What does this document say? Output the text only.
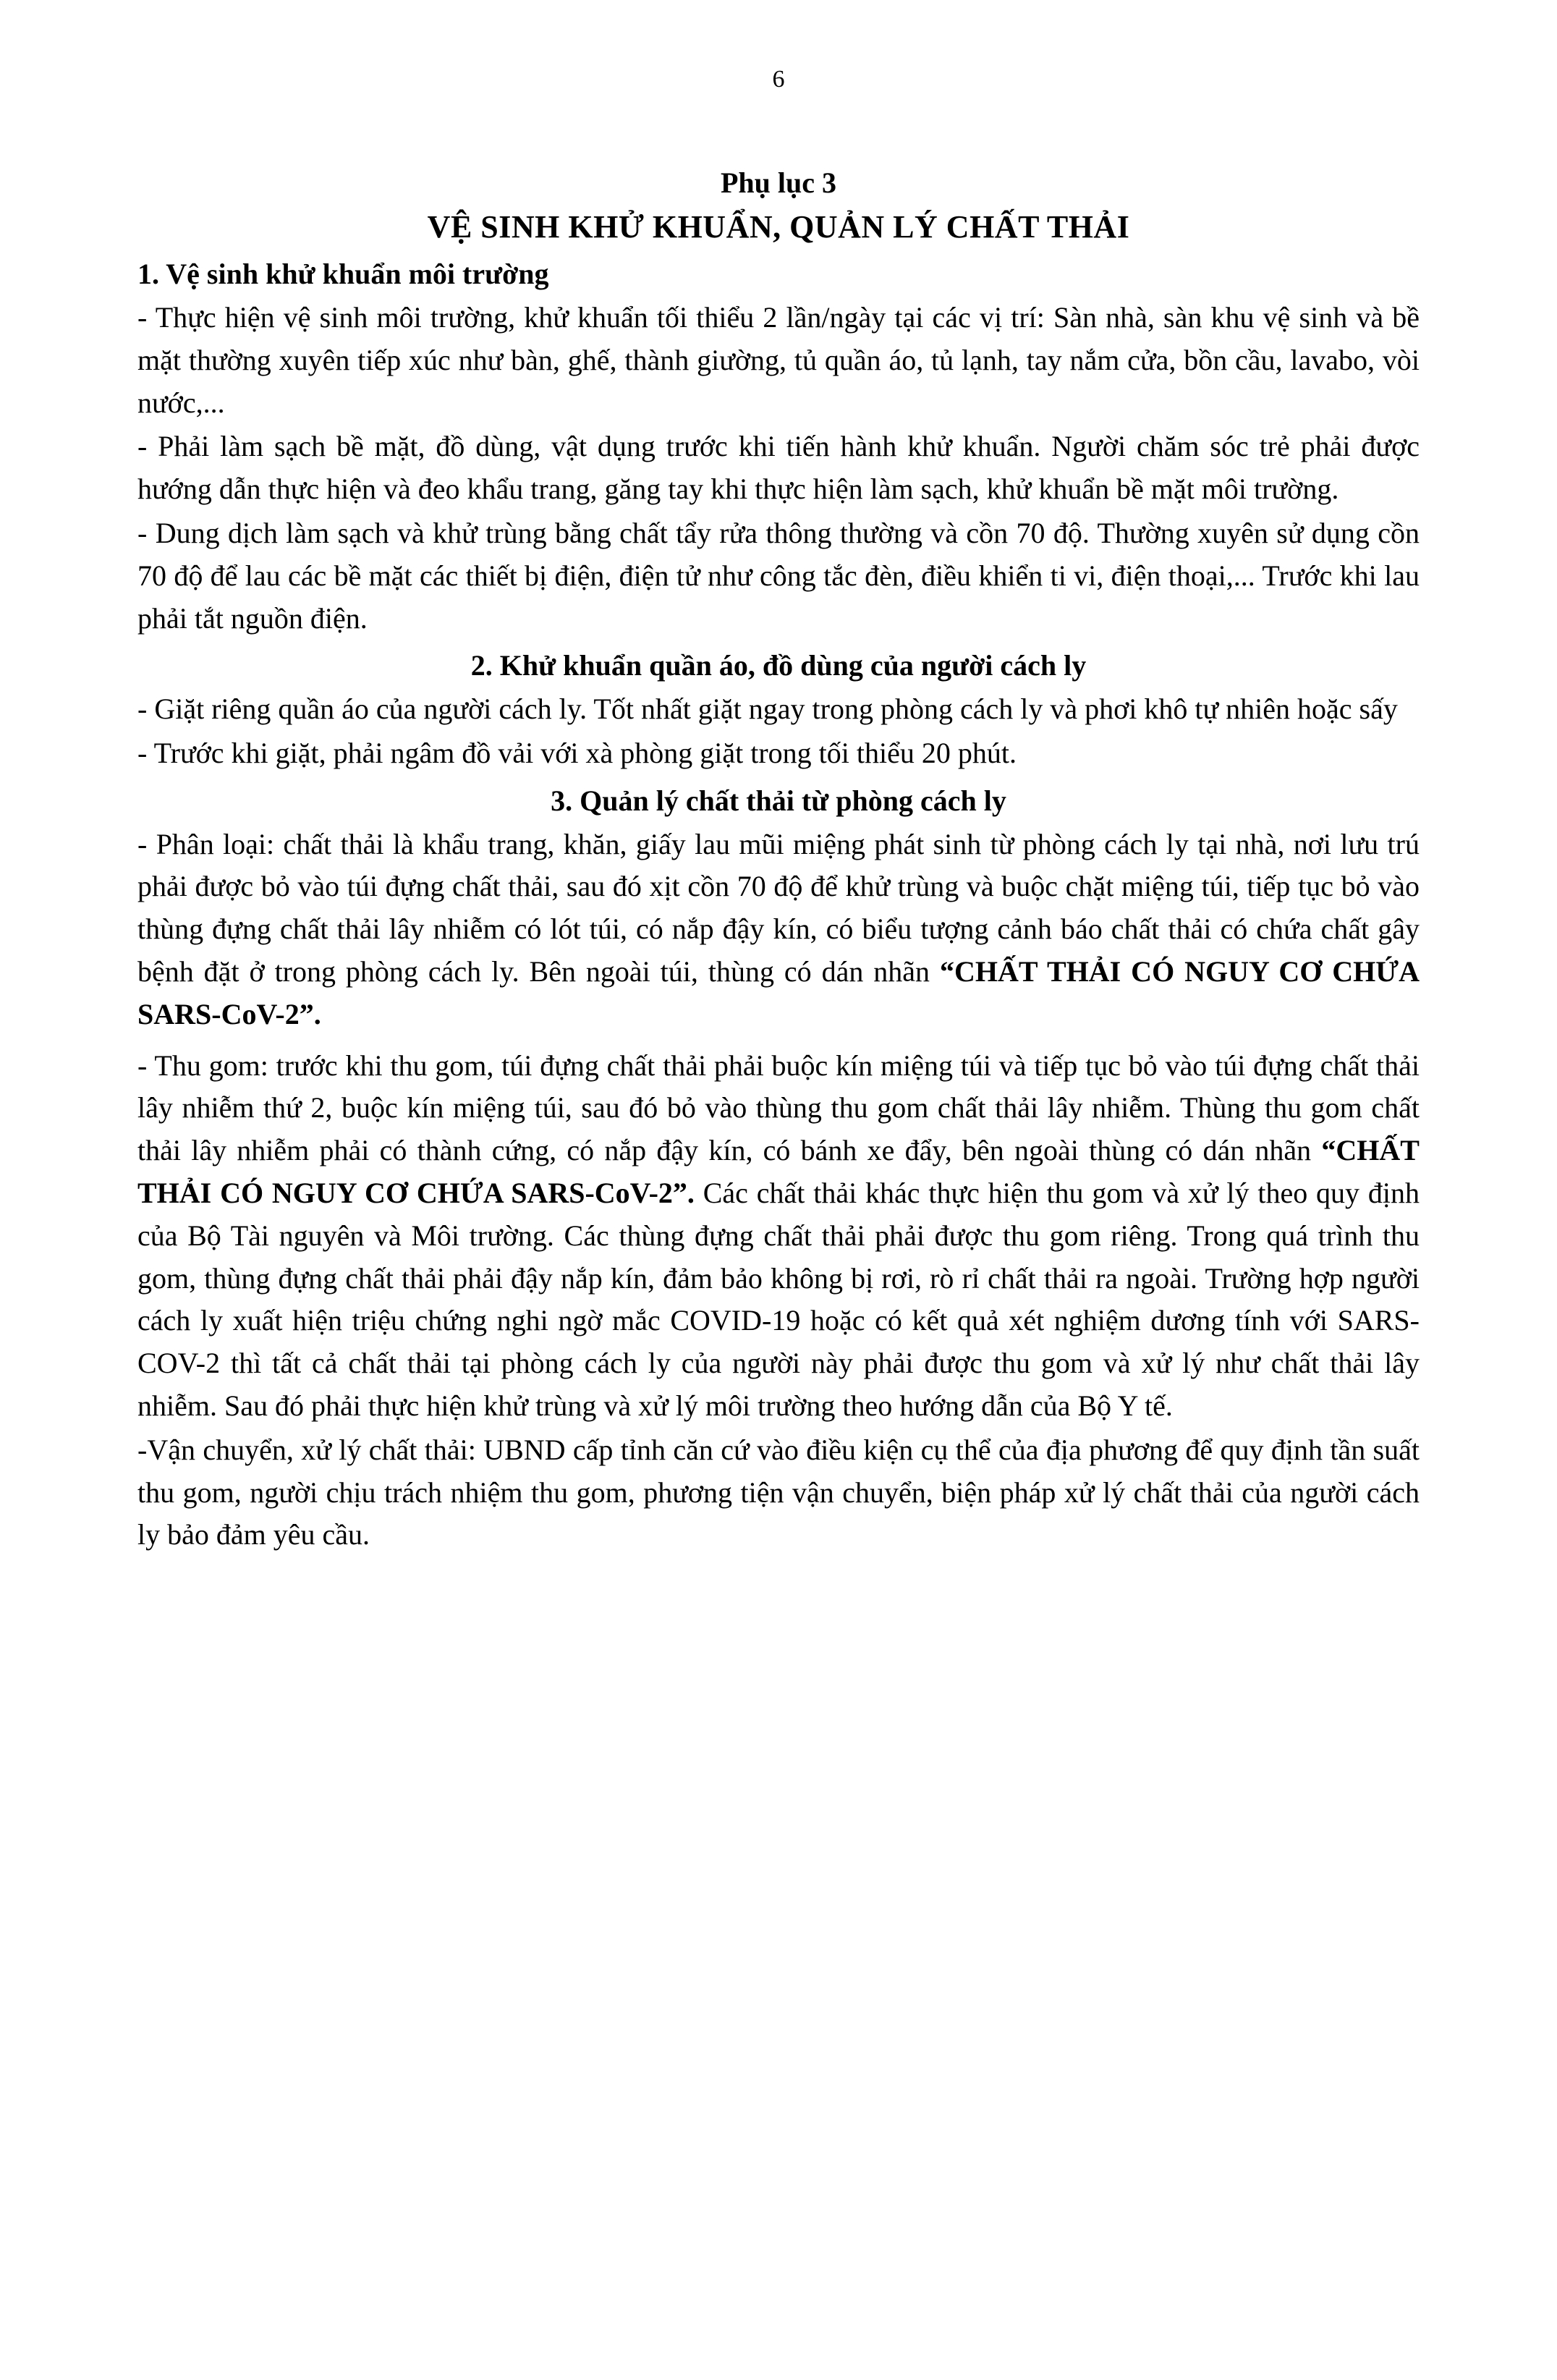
6
Phụ lục 3
VỆ SINH KHỬ KHUẨN, QUẢN LÝ CHẤT THẢI
1. Vệ sinh khử khuẩn môi trường

- Thực hiện vệ sinh môi trường, khử khuẩn tối thiểu 2 lần/ngày tại các vị trí: Sàn nhà, sàn khu vệ sinh và bề mặt thường xuyên tiếp xúc như bàn, ghế, thành giường, tủ quần áo, tủ lạnh, tay nắm cửa, bồn cầu, lavabo, vòi nước,...

- Phải làm sạch bề mặt, đồ dùng, vật dụng trước khi tiến hành khử khuẩn. Người chăm sóc trẻ phải được hướng dẫn thực hiện và đeo khẩu trang, găng tay khi thực hiện làm sạch, khử khuẩn bề mặt môi trường.

- Dung dịch làm sạch và khử trùng bằng chất tẩy rửa thông thường và cồn 70 độ. Thường xuyên sử dụng cồn 70 độ để lau các bề mặt các thiết bị điện, điện tử như công tắc đèn, điều khiển ti vi, điện thoại,... Trước khi lau phải tắt nguồn điện.

2. Khử khuẩn quần áo, đồ dùng của người cách ly

- Giặt riêng quần áo của người cách ly. Tốt nhất giặt ngay trong phòng cách ly và phơi khô tự nhiên hoặc sấy

- Trước khi giặt, phải ngâm đồ vải với xà phòng giặt trong tối thiểu 20 phút.

3. Quản lý chất thải từ phòng cách ly

- Phân loại: chất thải là khẩu trang, khăn, giấy lau mũi miệng phát sinh từ phòng cách ly tại nhà, nơi lưu trú phải được bỏ vào túi đựng chất thải, sau đó xịt cồn 70 độ để khử trùng và buộc chặt miệng túi, tiếp tục bỏ vào thùng đựng chất thải lây nhiễm có lót túi, có nắp đậy kín, có biểu tượng cảnh báo chất thải có chứa chất gây bệnh đặt ở trong phòng cách ly. Bên ngoài túi, thùng có dán nhãn “CHẤT THẢI CÓ NGUY CƠ CHỨA SARS-CoV-2”.

- Thu gom: trước khi thu gom, túi đựng chất thải phải buộc kín miệng túi và tiếp tục bỏ vào túi đựng chất thải lây nhiễm thứ 2, buộc kín miệng túi, sau đó bỏ vào thùng thu gom chất thải lây nhiễm. Thùng thu gom chất thải lây nhiễm phải có thành cứng, có nắp đậy kín, có bánh xe đẩy, bên ngoài thùng có dán nhãn “CHẤT THẢI CÓ NGUY CƠ CHỨA SARS-CoV-2”. Các chất thải khác thực hiện thu gom và xử lý theo quy định của Bộ Tài nguyên và Môi trường. Các thùng đựng chất thải phải được thu gom riêng. Trong quá trình thu gom, thùng đựng chất thải phải đậy nắp kín, đảm bảo không bị rơi, rò rỉ chất thải ra ngoài. Trường hợp người cách ly xuất hiện triệu chứng nghi ngờ mắc COVID-19 hoặc có kết quả xét nghiệm dương tính với SARS-COV-2 thì tất cả chất thải tại phòng cách ly của người này phải được thu gom và xử lý như chất thải lây nhiễm. Sau đó phải thực hiện khử trùng và xử lý môi trường theo hướng dẫn của Bộ Y tế.

-Vận chuyển, xử lý chất thải: UBND cấp tỉnh căn cứ vào điều kiện cụ thể của địa phương để quy định tần suất thu gom, người chịu trách nhiệm thu gom, phương tiện vận chuyển, biện pháp xử lý chất thải của người cách ly bảo đảm yêu cầu.
